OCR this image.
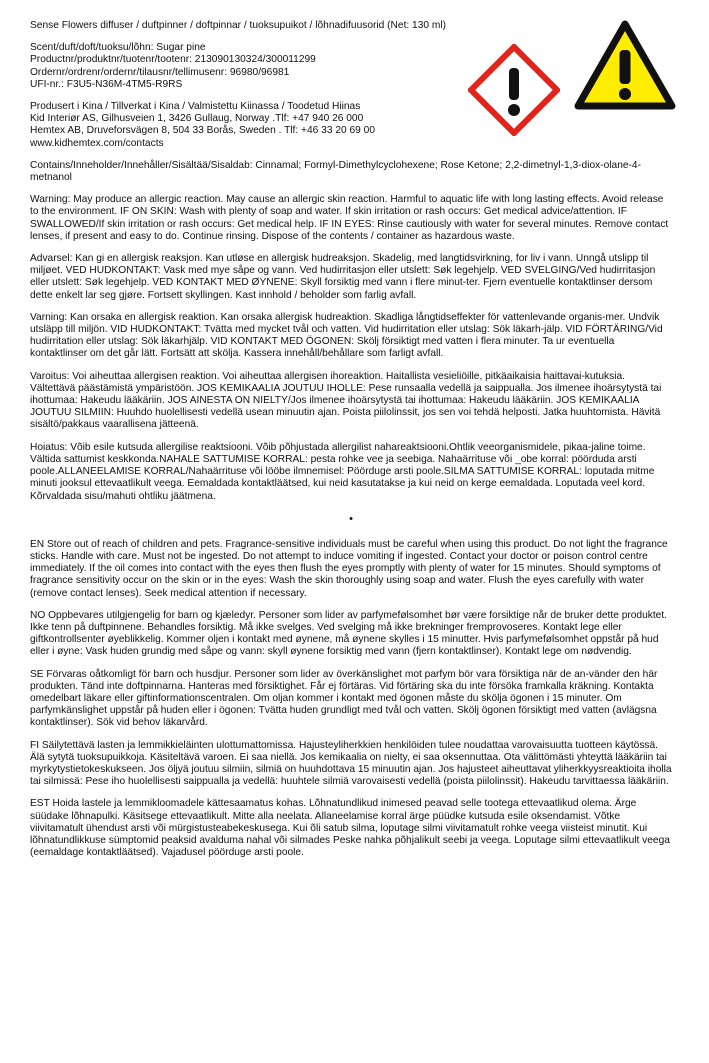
Sense Flowers diffuser / duftpinner / doftpinnar / tuoksupuikot / lõhnadifuusorid (Net: 130 ml)

Scent/duft/doft/tuoksu/lõhn: Sugar pine

Productnr/produktnr/tuotenr/tootenr: 213090130324/300011299

Ordernr/ordrenr/ordernr/tilausnr/tellimusenr: 96980/96981

UFI-nr.: F3U5-N36M-4TM5-R9RS

Produsert i Kina / Tillverkat i Kina / Valmistettu Kiinassa / Toodetud Hiinas

Kid Interiør AS, Gilhusveien 1, 3426 Gullaug, Norway .Tlf: +47 940 26 000

Hemtex AB, Druveforsvägen 8, 504 33 Borås, Sweden . Tlf: +46 33 20 69 00

www.kidhemtex.com/contacts

Contains/Inneholder/Innehåller/Sisältää/Sisaldab: Cinnamal; Formyl-Dimethylcyclohexene; Rose Ketone; 2,2-dimetnyl-1,3-diox-olane-4-metnanol

Warning: May produce an allergic reaction. May cause an allergic skin reaction. Harmful to aquatic life with long lasting effects. Avoid release to the environment. IF ON SKIN: Wash with plenty of soap and water. If skin irritation or rash occurs: Get medical advice/attention. IF SWALLOWED/If skin irritation or rash occurs: Get medical help. IF IN EYES: Rinse cautiously with water for several minutes. Remove contact lenses, if present and easy to do. Continue rinsing. Dispose of the contents / container as hazardous waste.

Advarsel: Kan gi en allergisk reaksjon. Kan utløse en allergisk hudreaksjon. Skadelig, med langtidsvirkning, for liv i vann. Unngå utslipp til miljøet. VED HUDKONTAKT: Vask med mye såpe og vann. Ved hudirritasjon eller utslett: Søk legehjelp. VED SVELGING/Ved hudirritasjon eller utslett: Søk legehjelp. VED KONTAKT MED ØYNENE: Skyll forsiktig med vann i flere minut-ter. Fjern eventuelle kontaktlinser dersom dette enkelt lar seg gjøre. Fortsett skyllingen. Kast innhold / beholder som farlig avfall.

Varning: Kan orsaka en allergisk reaktion. Kan orsaka allergisk hudreaktion. Skadliga långtidseffekter för vattenlevande organis-mer. Undvik utsläpp till miljön. VID HUDKONTAKT: Tvätta med mycket tvål och vatten. Vid hudirritation eller utslag: Sök läkarh-jälp. VID FÖRTÄRING/Vid hudirritation eller utslag: Sök läkarhjälp. VID KONTAKT MED ÖGONEN: Skölj försiktigt med vatten i flera minuter. Ta ur eventuella kontaktlinser om det går lätt. Fortsätt att skölja. Kassera innehåll/behållare som farligt avfall.

Varoitus: Voi aiheuttaa allergisen reaktion. Voi aiheuttaa allergisen ihoreaktion. Haitallista vesieliöille, pitkäaikaisia haittavai-kutuksia. Vältettävä päästämistä ympäristöön. JOS KEMIKAALIA JOUTUU IHOLLE: Pese runsaalla vedellä ja saippualla. Jos ilmenee ihoärsytystä tai ihottumaa: Hakeudu lääkäriin. JOS AINESTA ON NIELTY/Jos ilmenee ihoärsytystä tai ihottumaa: Hakeudu lääkäriin. JOS KEMIKAALIA JOUTUU SILMIIN: Huuhdo huolellisesti vedellä usean minuutin ajan. Poista piilolinssit, jos sen voi tehdä helposti. Jatka huuhtomista. Hävitä sisältö/pakkaus vaarallisena jätteenä.

Hoiatus: Võib esile kutsuda allergilise reaktsiooni. Võib põhjustada allergilist nahareaktsiooni.Ohtlik veeorganismidele, pikaa-jaline toime. Vältida sattumist keskkonda.NAHALE SATTUMISE KORRAL: pesta rohke vee ja seebiga. Nahaärrituse või _obe korral: pöörduda arsti poole.ALLANEELAMISE KORRAL/Nahaärrituse või lööbe ilmnemisel: Pöörduge arsti poole.SILMA SATTUMISE KORRAL: loputada mitme minuti jooksul ettevaatlikult veega. Eemaldada kontaktläätsed, kui neid kasutatakse ja kui neid on kerge eemaldada. Loputada veel kord. Kõrvaldada sisu/mahuti ohtliku jäätmena.

•

EN Store out of reach of children and pets. Fragrance-sensitive individuals must be careful when using this product. Do not light the fragrance sticks. Handle with care. Must not be ingested. Do not attempt to induce vomiting if ingested. Contact your doctor or poison control centre immediately. If the oil comes into contact with the eyes then flush the eyes promptly with plenty of water for 15 minutes. Should symptoms of fragrance sensitivity occur on the skin or in the eyes: Wash the skin thoroughly using soap and water. Flush the eyes carefully with water (remove contact lenses). Seek medical attention if necessary.

NO Oppbevares utilgjengelig for barn og kjæledyr. Personer som lider av parfymefølsomhet bør være forsiktige når de bruker dette produktet. Ikke tenn på duftpinnene. Behandles forsiktig. Må ikke svelges. Ved svelging må ikke brekninger fremprovoseres. Kontakt lege eller giftkontrollsenter øyeblikkelig. Kommer oljen i kontakt med øynene, må øynene skylles i 15 minutter. Hvis parfymefølsomhet oppstår på hud eller i øyne: Vask huden grundig med såpe og vann: skyll øynene forsiktig med vann (fjern kontaktlinser). Kontakt lege om nødvendig.

SE Förvaras oåtkomligt för barn och husdjur. Personer som lider av överkänslighet mot parfym bör vara försiktiga när de an-vänder den här produkten. Tänd inte doftpinnarna. Hanteras med försiktighet. Får ej förtäras. Vid förtäring ska du inte försöka framkalla kräkning. Kontakta omedelbart läkare eller giftinformationscentralen. Om oljan kommer i kontakt med ögonen måste du skölja ögonen i 15 minuter. Om parfymkänslighet uppstår på huden eller i ögonen: Tvätta huden grundligt med tvål och vatten. Skölj ögonen försiktigt med vatten (avlägsna kontaktlinser). Sök vid behov läkarvård.

FI Säilytettävä lasten ja lemmikkieläinten ulottumattomissa. Hajusteyliherkkien henkilöiden tulee noudattaa varovaisuutta tuotteen käytössä. Älä sytytä tuoksupuikkoja. Käsiteltävä varoen. Ei saa niellä. Jos kemikaalia on nielty, ei saa oksennuttaa. Ota välittömästi yhteyttä lääkäriin tai myrkytystietokeskukseen. Jos öljyä joutuu silmiin, silmiä on huuhdottava 15 minuutin ajan. Jos hajusteet aiheuttavat yliherkkyysreaktioita iholla tai silmissä: Pese iho huolellisesti saippualla ja vedellä: huuhtele silmiä varovaisesti vedellä (poista piilolinssit). Hakeudu tarvittaessa lääkäriin.

EST Hoida lastele ja lemmikloomadele kättesaamatus kohas. Lõhnatundlikud inimesed peavad selle tootega ettevaatlikud olema. Ärge süüdake lõhnapulki. Käsitsege ettevaatlikult. Mitte alla neelata. Allaneelamise korral ärge püüdke kutsuda esile oksendamist. Võtke viivitamatult ühendust arsti või mürgistusteabekeskusega. Kui õli satub silma, loputage silmi viivitamatult rohke veega viisteist minutit. Kui lõhnatundlikkuse sümptomid peaksid avalduma nahal või silmades Peske nahka põhjalikult seebi ja veega. Loputage silmi ettevaatlikult veega (eemaldage kontaktläätsed). Vajadusel pöörduge arsti poole.
